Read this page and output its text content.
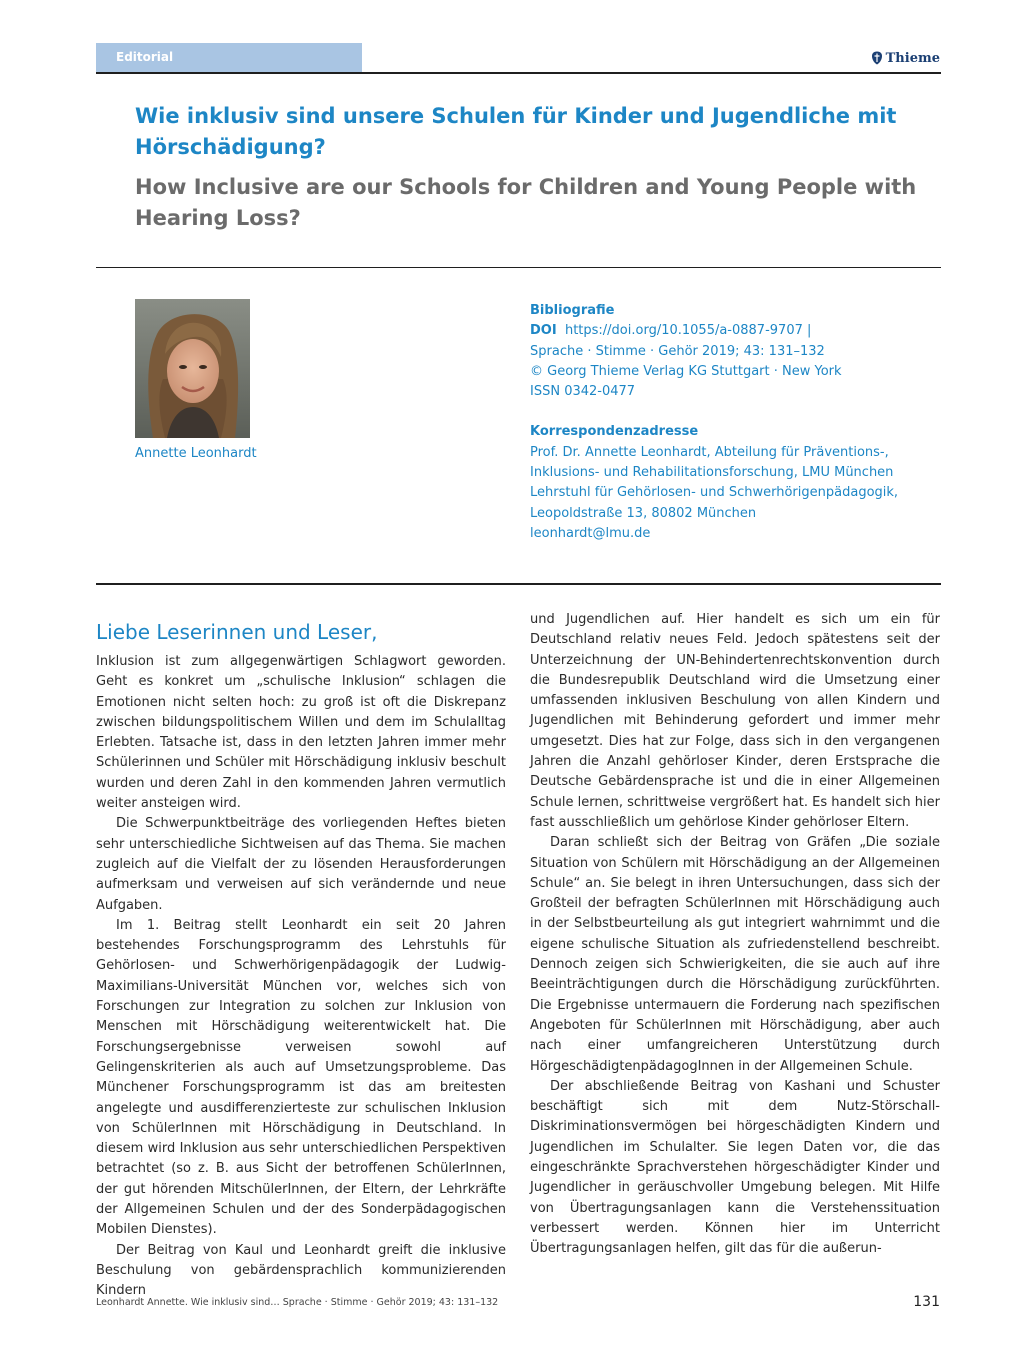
Editorial	Thieme
Wie inklusiv sind unsere Schulen für Kinder und Jugendliche mit Hörschädigung?
How Inclusive are our Schools for Children and Young People with Hearing Loss?
Annette Leonhardt
Bibliografie
DOI https://doi.org/10.1055/a-0887-9707 |
Sprache · Stimme · Gehör 2019; 43: 131–132
© Georg Thieme Verlag KG Stuttgart · New York
ISSN 0342-0477
Korrespondenzadresse
Prof. Dr. Annette Leonhardt, Abteilung für Präventions-,
Inklusions- und Rehabilitationsforschung, LMU München
Lehrstuhl für Gehörlosen- und Schwerhörigenpädagogik,
Leopoldstraße 13, 80802 München
leonhardt@lmu.de
Liebe Leserinnen und Leser,

Inklusion ist zum allgegenwärtigen Schlagwort geworden. Geht es konkret um „schulische Inklusion“ schlagen die Emotionen nicht selten hoch: zu groß ist oft die Diskrepanz zwischen bildungspolitischem Willen und dem im Schulalltag Erlebten. Tatsache ist, dass in den letzten Jahren immer mehr Schülerinnen und Schüler mit Hörschädigung inklusiv beschult wurden und deren Zahl in den kommenden Jahren vermutlich weiter ansteigen wird.

Die Schwerpunktbeiträge des vorliegenden Heftes bieten sehr unterschiedliche Sichtweisen auf das Thema. Sie machen zugleich auf die Vielfalt der zu lösenden Herausforderungen aufmerksam und verweisen auf sich verändernde und neue Aufgaben.

Im 1. Beitrag stellt Leonhardt ein seit 20 Jahren bestehendes Forschungsprogramm des Lehrstuhls für Gehörlosen- und Schwerhörigenpädagogik der Ludwig-Maximilians-Universität München vor, welches sich von Forschungen zur Integration zu solchen zur Inklusion von Menschen mit Hörschädigung weiterentwickelt hat. Die Forschungsergebnisse verweisen sowohl auf Gelingenskriterien als auch auf Umsetzungsprobleme. Das Münchener Forschungsprogramm ist das am breitesten angelegte und ausdifferenzierteste zur schulischen Inklusion von SchülerInnen mit Hörschädigung in Deutschland. In diesem wird Inklusion aus sehr unterschiedlichen Perspektiven betrachtet (so z. B. aus Sicht der betroffenen SchülerInnen, der gut hörenden MitschülerInnen, der Eltern, der Lehrkräfte der Allgemeinen Schulen und der des Sonderpädagogischen Mobilen Dienstes).

Der Beitrag von Kaul und Leonhardt greift die inklusive Beschulung von gebärdensprachlich kommunizierenden Kindern

und Jugendlichen auf. Hier handelt es sich um ein für Deutschland relativ neues Feld. Jedoch spätestens seit der Unterzeichnung der UN-Behindertenrechtskonvention durch die Bundesrepublik Deutschland wird die Umsetzung einer umfassenden inklusiven Beschulung von allen Kindern und Jugendlichen mit Behinderung gefordert und immer mehr umgesetzt. Dies hat zur Folge, dass sich in den vergangenen Jahren die Anzahl gehörloser Kinder, deren Erstsprache die Deutsche Gebärdensprache ist und die in einer Allgemeinen Schule lernen, schrittweise vergrößert hat. Es handelt sich hier fast ausschließlich um gehörlose Kinder gehörloser Eltern.

Daran schließt sich der Beitrag von Gräfen „Die soziale Situation von Schülern mit Hörschädigung an der Allgemeinen Schule“ an. Sie belegt in ihren Untersuchungen, dass sich der Großteil der befragten SchülerInnen mit Hörschädigung auch in der Selbstbeurteilung als gut integriert wahrnimmt und die eigene schulische Situation als zufriedenstellend beschreibt. Dennoch zeigen sich Schwierigkeiten, die sie auch auf ihre Beeinträchtigungen durch die Hörschädigung zurückführten. Die Ergebnisse untermauern die Forderung nach spezifischen Angeboten für SchülerInnen mit Hörschädigung, aber auch nach einer umfangreicheren Unterstützung durch HörgeschädigtenpädagogInnen in der Allgemeinen Schule.

Der abschließende Beitrag von Kashani und Schuster beschäftigt sich mit dem Nutz-Störschall-Diskriminationsvermögen bei hörgeschädigten Kindern und Jugendlichen im Schulalter. Sie legen Daten vor, die das eingeschränkte Sprachverstehen hörgeschädigter Kinder und Jugendlicher in geräuschvoller Umgebung belegen. Mit Hilfe von Übertragungsanlagen kann die Verstehenssituation verbessert werden. Können hier im Unterricht Übertragungsanlagen helfen, gilt das für die außerun-

Leonhardt Annette. Wie inklusiv sind… Sprache · Stimme · Gehör 2019; 43: 131–132	131
